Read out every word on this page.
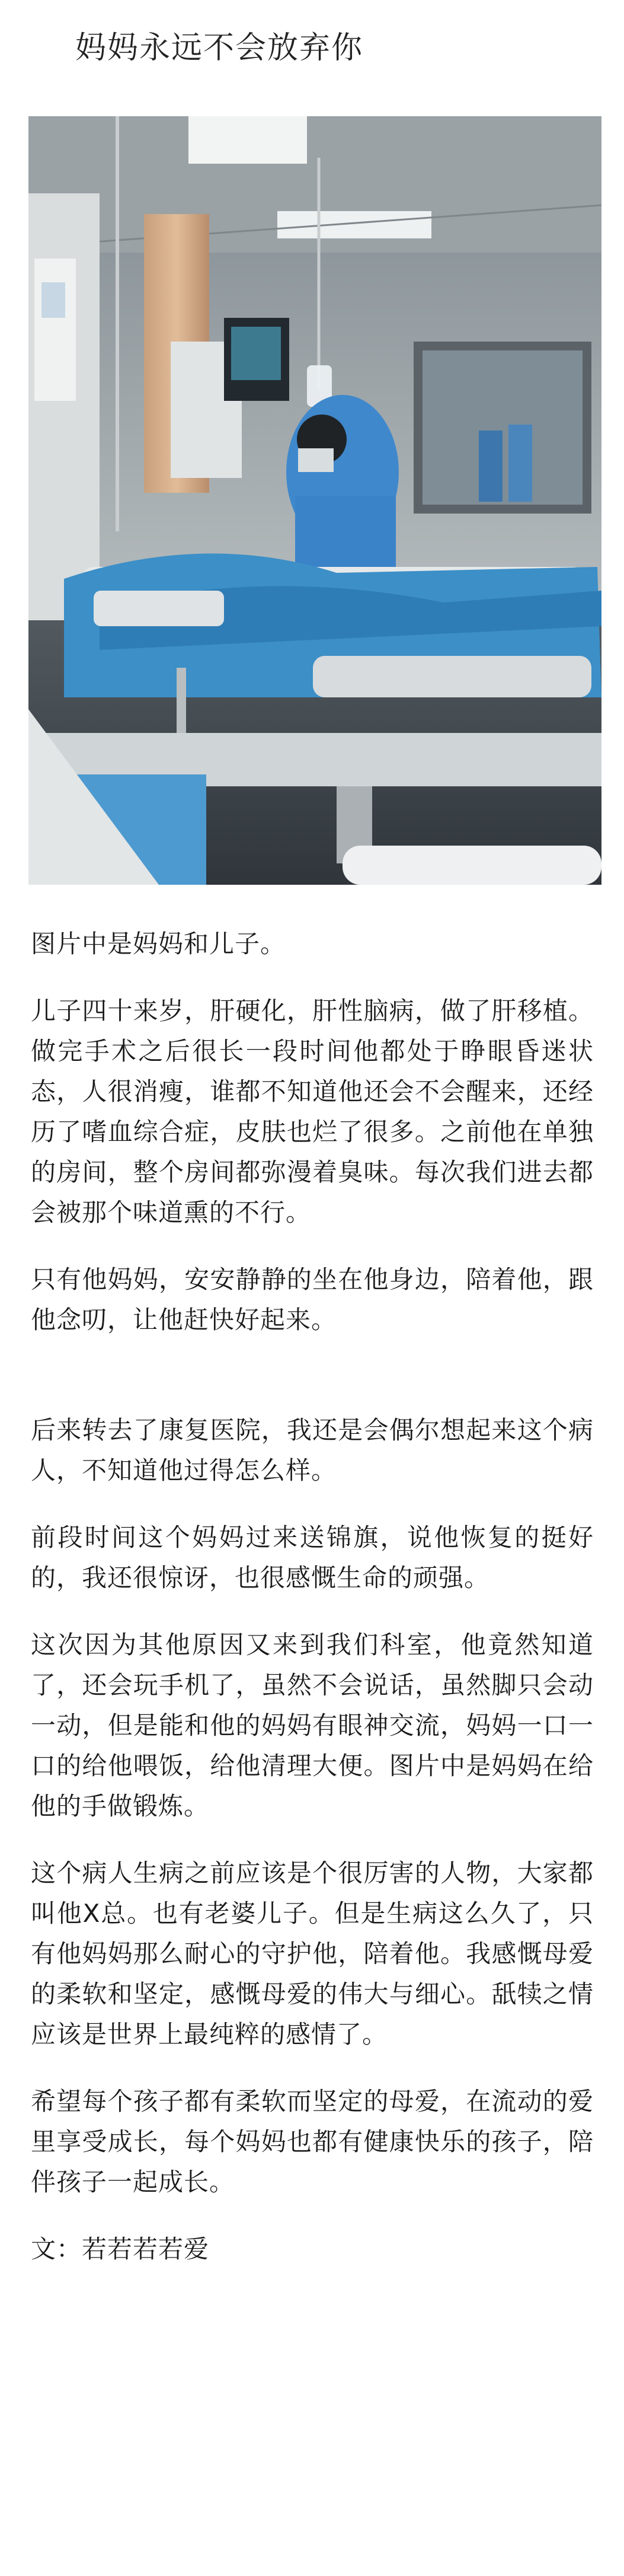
妈妈永远不会放弃你

图片中是妈妈和儿子。

儿子四十来岁，肝硬化，肝性脑病，做了肝移植。做完手术之后很长一段时间他都处于睁眼昏迷状态，人很消瘦，谁都不知道他还会不会醒来，还经历了嗜血综合症，皮肤也烂了很多。之前他在单独的房间，整个房间都弥漫着臭味。每次我们进去都会被那个味道熏的不行。

只有他妈妈，安安静静的坐在他身边，陪着他，跟他念叨，让他赶快好起来。

后来转去了康复医院，我还是会偶尔想起来这个病人，不知道他过得怎么样。

前段时间这个妈妈过来送锦旗，说他恢复的挺好的，我还很惊讶，也很感慨生命的顽强。

这次因为其他原因又来到我们科室，他竟然知道了，还会玩手机了，虽然不会说话，虽然脚只会动一动，但是能和他的妈妈有眼神交流，妈妈一口一口的给他喂饭，给他清理大便。图片中是妈妈在给他的手做锻炼。

这个病人生病之前应该是个很厉害的人物，大家都叫他X总。也有老婆儿子。但是生病这么久了，只有他妈妈那么耐心的守护他，陪着他。我感慨母爱的柔软和坚定，感慨母爱的伟大与细心。舐犊之情应该是世界上最纯粹的感情了。

希望每个孩子都有柔软而坚定的母爱，在流动的爱里享受成长，每个妈妈也都有健康快乐的孩子，陪伴孩子一起成长。

文：若若若若爱
